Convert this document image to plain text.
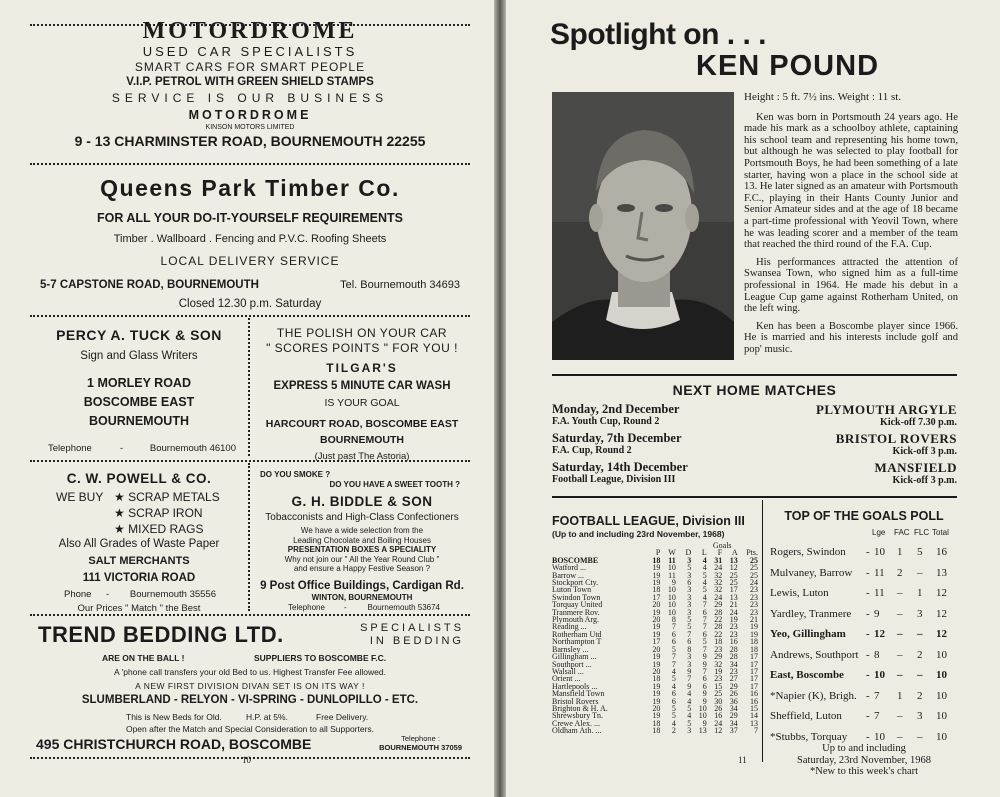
MOTORDROME
USED CAR SPECIALISTS
SMART CARS FOR SMART PEOPLE
V.I.P. PETROL WITH GREEN SHIELD STAMPS
SERVICE IS OUR BUSINESS
MOTORDROME
KINSON MOTORS LIMITED
9 - 13 CHARMINSTER ROAD, BOURNEMOUTH 22255
Queens Park Timber Co.
FOR ALL YOUR DO-IT-YOURSELF REQUIREMENTS
Timber . Wallboard . Fencing and P.V.C. Roofing Sheets
LOCAL DELIVERY SERVICE
5-7 CAPSTONE ROAD, BOURNEMOUTH	Tel. Bournemouth 34693
Closed 12.30 p.m. Saturday
PERCY A. TUCK & SON
Sign and Glass Writers
1 MORLEY ROAD
BOSCOMBE EAST
BOURNEMOUTH
Telephone	-	Bournemouth 46100
THE POLISH ON YOUR CAR
" SCORES POINTS " FOR YOU !
TILGAR'S
EXPRESS 5 MINUTE CAR WASH
IS YOUR GOAL
HARCOURT ROAD, BOSCOMBE EAST
BOURNEMOUTH
(Just past The Astoria)
C. W. POWELL & CO.
WE BUY ★ SCRAP METALS
★ SCRAP IRON
★ MIXED RAGS
Also All Grades of Waste Paper
SALT MERCHANTS
111 VICTORIA ROAD
Phone - Bournemouth 35556
Our Prices " Match " the Best
DO YOU SMOKE ?
DO YOU HAVE A SWEET TOOTH ?
G. H. BIDDLE & SON
Tobacconists and High-Class Confectioners
We have a wide selection from the
Leading Chocolate and Boiling Houses
PRESENTATION BOXES A SPECIALITY
Why not join our " All the Year Round Club "
and ensure a Happy Festive Season ?
9 Post Office Buildings, Cardigan Rd.
WINTON, BOURNEMOUTH
Telephone -	Bournemouth 53674
TREND BEDDING LTD.	SPECIALISTS
IN BEDDING
ARE ON THE BALL !	SUPPLIERS TO BOSCOMBE F.C.
A 'phone call transfers your old Bed to us. Highest Transfer Fee allowed.
A NEW FIRST DIVISION DIVAN SET IS ON ITS WAY !
SLUMBERLAND - RELYON - VI-SPRING - DUNLOPILLO - ETC.
This is New Beds for Old.	H.P. at 5%.	Free Delivery.
Open after the Match and Special Consideration to all Supporters.
495 CHRISTCHURCH ROAD, BOSCOMBE	Telephone :
BOURNEMOUTH 37059
10
Spotlight on . . .
KEN POUND

Height : 5 ft. 7½ ins. Weight : 11 st.

Ken was born in Portsmouth 24 years ago. He made his mark as a schoolboy athlete, captaining his school team and representing his home town, but although he was selected to play football for Portsmouth Boys, he had been something of a late starter, having won a place in the school side at 13. He later signed as an amateur with Portsmouth F.C., playing in their Hants County Junior and Senior Amateur sides and at the age of 18 became a part-time professional with Yeovil Town, where he was leading scorer and a member of the team that reached the third round of the F.A. Cup.

His performances attracted the attention of Swansea Town, who signed him as a full-time professional in 1964. He made his debut in a League Cup game against Rotherham United, on the left wing.

Ken has been a Boscombe player since 1966. He is married and his interests include golf and pop' music.

NEXT HOME MATCHES
Monday, 2nd December
F.A. Youth Cup, Round 2
PLYMOUTH ARGYLE
Kick-off 7.30 p.m.
Saturday, 7th December
F.A. Cup, Round 2
BRISTOL ROVERS
Kick-off 3 p.m.
Saturday, 14th December
Football League, Division III
MANSFIELD
Kick-off 3 p.m.
FOOTBALL LEAGUE, Division III
(Up to and including 23rd November, 1968)
					Goals		
	P	W	D	L	F	A	Pts.
BOSCOMBE	18	11	3	4	31	13	25
Watford ...	19	10	5	4	24	12	25
Barrow ...	19	11	3	5	32	25	25
Stockport Cty.	19	9	6	4	32	25	24
Luton Town	18	10	3	5	32	17	23
Swindon Town	17	10	3	4	24	13	23
Torquay United	20	10	3	7	29	21	23
Tranmere Rov.	19	10	3	6	28	24	23
Plymouth Arg.	20	8	5	7	22	19	21
Reading ...	19	7	5	7	28	23	19
Rotherham Utd	19	6	7	6	22	23	19
Northampton T	17	6	6	5	18	16	18
Barnsley ...	20	5	8	7	23	28	18
Gillingham ...	19	7	3	9	29	28	17
Southport ...	19	7	3	9	32	34	17
Walsall ...	20	4	9	7	19	23	17
Orient ...	18	5	7	6	23	27	17
Hartlepools ...	19	4	9	6	15	29	17
Mansfield Town	19	6	4	9	25	26	16
Bristol Rovers	19	6	4	9	30	36	16
Brighton & H. A.	20	5	5	10	26	34	15
Shrewsbury Tn.	19	5	4	10	16	29	14
Crewe Alex. ...	18	4	5	9	24	34	13
Oldham Ath. ...	18	2	3	13	12	37	7
TOP OF THE GOALS POLL
Lge FAC FLC Total
Rogers, Swindon - 10 1 5 16
Mulvaney, Barrow - 11 2 – 13
Lewis, Luton	- 11 – 1 12
Yardley, Tranmere - 9 – 3 12
Yeo, Gillingham - 12 – – 12
Andrews, Southport - 8 – 2 10
East, Boscombe - 10 – – 10
*Napier (K), Brigh. - 7 1 2 10
Sheffield, Luton - 7 – 3 10
*Stubbs, Torquay - 10 – – 10
Up to and including
Saturday, 23rd November, 1968
*New to this week's chart
11
